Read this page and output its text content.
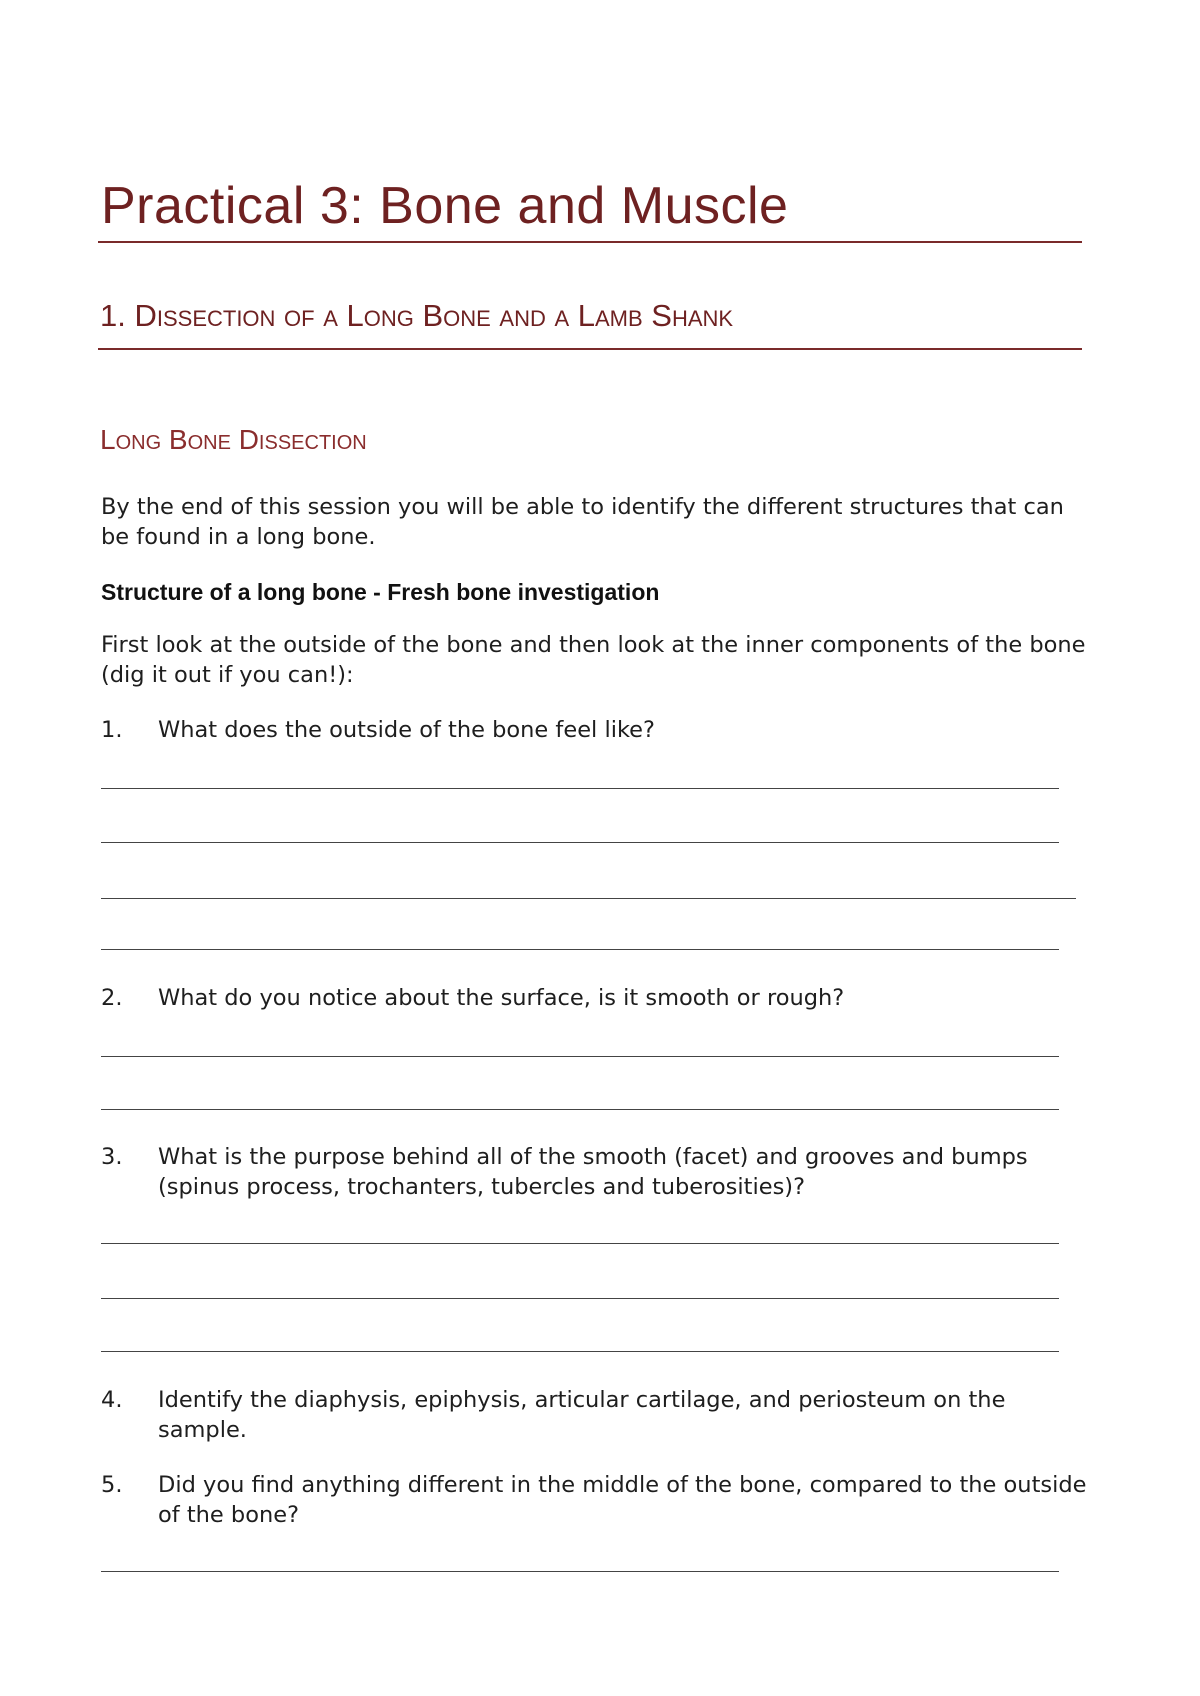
Practical 3: Bone and Muscle
1. Dissection of a Long Bone and a Lamb Shank
Long Bone Dissection

By the end of this session you will be able to identify the different structures that can be found in a long bone.

Structure of a long bone - Fresh bone investigation

First look at the outside of the bone and then look at the inner components of the bone (dig it out if you can!):

1.	What does the outside of the bone feel like?
2.	What do you notice about the surface, is it smooth or rough?
3.	What is the purpose behind all of the smooth (facet) and grooves and bumps (spinus process, trochanters, tubercles and tuberosities)?
4.	Identify the diaphysis, epiphysis, articular cartilage, and periosteum on the sample.
5.	Did you find anything different in the middle of the bone, compared to the outside of the bone?
